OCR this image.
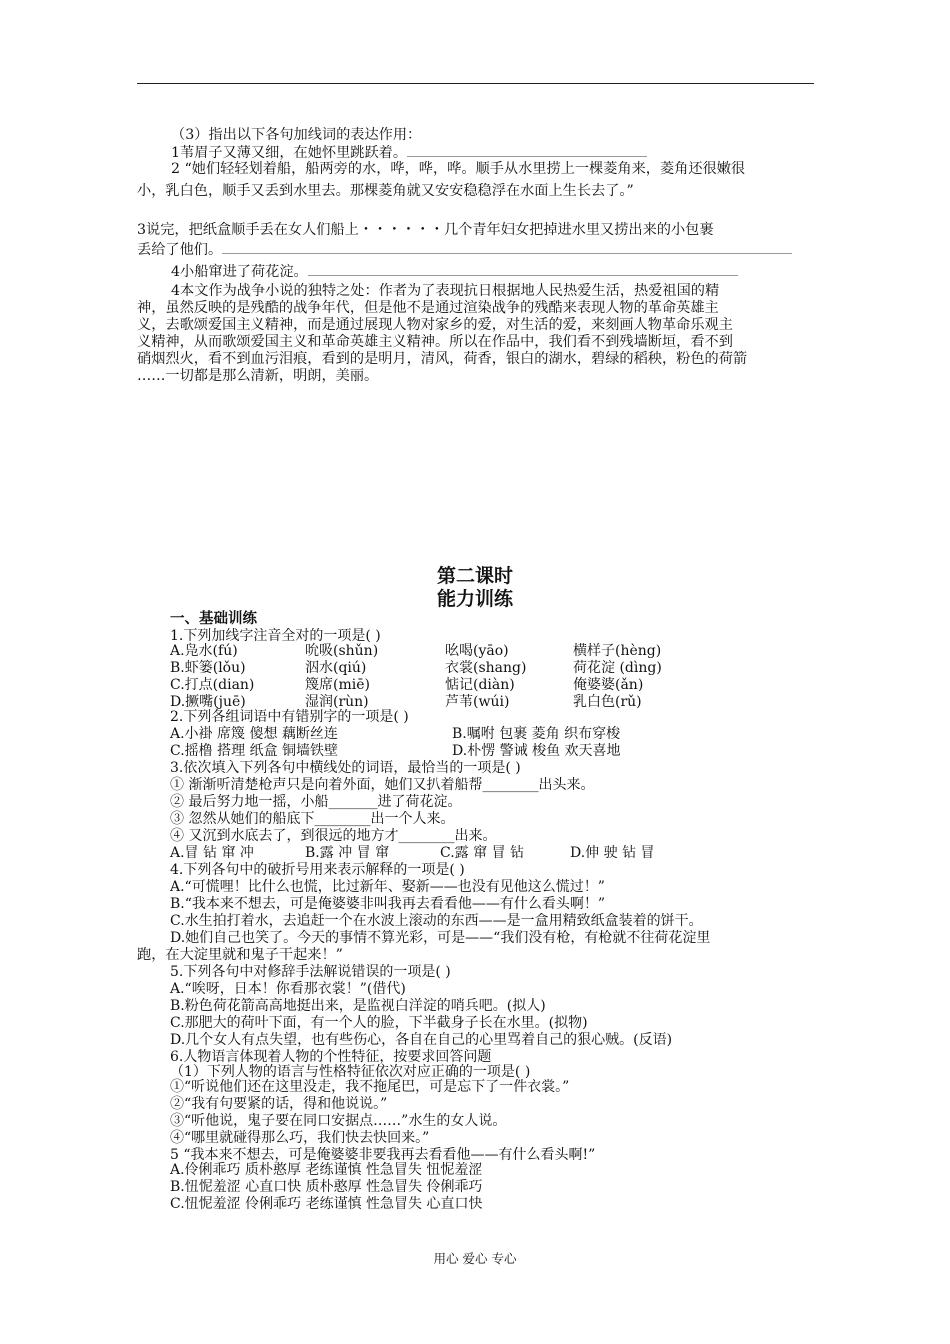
（3）指出以下各句加线词的表达作用：
1苇眉子又薄又细，在她怀里跳跃着。
2 “她们轻轻划着船，船两旁的水，哗，哗，哗。顺手从水里捞上一棵菱角来，菱角还很嫩很
小，乳白色，顺手又丢到水里去。那棵菱角就又安安稳稳浮在水面上生长去了。”
3说完，把纸盒顺手丢在女人们船上・・・・・・几个青年妇女把掉进水里又捞出来的小包裹
丢给了他们。
4小船窜进了荷花淀。
4本文作为战争小说的独特之处：作者为了表现抗日根据地人民热爱生活，热爱祖国的精
神，虽然反映的是残酷的战争年代，但是他不是通过渲染战争的残酷来表现人物的革命英雄主
义，去歌颂爱国主义精神，而是通过展现人物对家乡的爱，对生活的爱，来刻画人物革命乐观主
义精神，从而歌颂爱国主义和革命英雄主义精神。所以在作品中，我们看不到残墙断垣，看不到
硝烟烈火，看不到血污泪痕，看到的是明月，清风，荷香，银白的湖水，碧绿的稻秧，粉色的荷箭
……一切都是那么清新，明朗，美丽。
第二课时
能力训练
一、基础训练
1.下列加线字注音全对的一项是( )
A.凫水(fú)	吮吸(shǔn)	吆喝(yāo)	横样子(hèng)
B.虾篓(lǒu)	泅水(qiú)	衣裳(shang)	荷花淀 (dìng)
C.打点(dian)	篾席(miē)	惦记(diàn)	俺婆婆(ǎn)
D.撅嘴(juē)	湿润(rùn)	芦苇(wúi)	乳白色(rǔ)
2.下列各组词语中有错别字的一项是( )
A.小褂 席篾 傻想 藕断丝连	B.嘱咐 包裹 菱角 织布穿梭
C.摇橹 搭理 纸盒 铜墙铁壁	D.朴愣 警诫 梭鱼 欢天喜地
3.依次填入下列各句中横线处的词语，最恰当的一项是( )
① 渐渐听清楚枪声只是向着外面，她们又扒着船帮________出头来。
② 最后努力地一摇，小船_______进了荷花淀。
③ 忽然从她们的船底下________出一个人来。
④ 又沉到水底去了，到很远的地方才________出来。
A.冒 钻 窜 冲	B.露 冲 冒 窜	C.露 窜 冒 钻	D.伸 驶 钻 冒
4.下列各句中的破折号用来表示解释的一项是( )
A.“可慌哩！比什么也慌，比过新年、娶新——也没有见他这么慌过！”
B.“我本来不想去，可是俺婆婆非叫我再去看看他——有什么看头啊！”
C.水生拍打着水，去追赶一个在水波上滚动的东西——是一盒用精致纸盒装着的饼干。
D.她们自己也笑了。今天的事情不算光彩，可是——“我们没有枪，有枪就不往荷花淀里
跑，在大淀里就和鬼子干起来！”
5.下列各句中对修辞手法解说错误的一项是( )
A.“唉呀，日本！你看那衣裳！”(借代)
B.粉色荷花箭高高地挺出来，是监视白洋淀的哨兵吧。(拟人)
C.那肥大的荷叶下面，有一个人的脸，下半截身子长在水里。(拟物)
D.几个女人有点失望，也有些伤心，各自在自己的心里骂着自己的狠心贼。(反语)
6.人物语言体现着人物的个性特征，按要求回答问题
（1）下列人物的语言与性格特征依次对应正确的一项是( )
①“听说他们还在这里没走，我不拖尾巴，可是忘下了一件衣裳。”
②“我有句要紧的话，得和他说说。”
③“听他说，鬼子要在同口安据点……”水生的女人说。
④“哪里就碰得那么巧，我们快去快回来。”
5 “我本来不想去，可是俺婆婆非要我再去看看他——有什么看头啊!”
A.伶俐乖巧 质朴憨厚 老练谨慎 性急冒失 忸怩羞涩
B.忸怩羞涩 心直口快 质朴憨厚 性急冒失 伶俐乖巧
C.忸怩羞涩 伶俐乖巧 老练谨慎 性急冒失 心直口快
用心 爱心 专心
